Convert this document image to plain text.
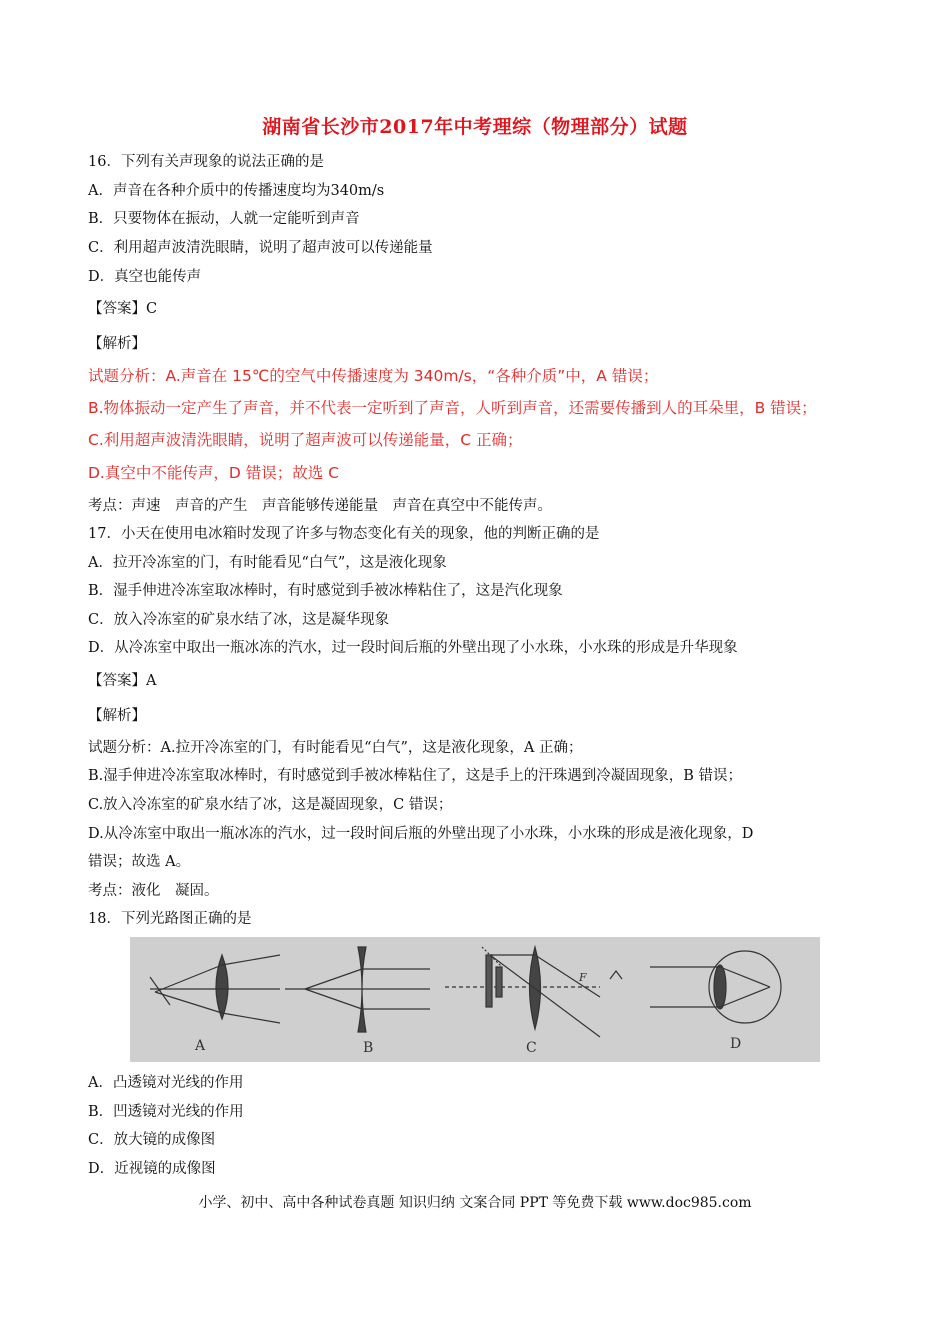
湖南省长沙市2017年中考理综（物理部分）试题
16．下列有关声现象的说法正确的是
A．声音在各种介质中的传播速度均为340m/s
B．只要物体在振动，人就一定能听到声音
C．利用超声波清洗眼睛，说明了超声波可以传递能量
D．真空也能传声
【答案】C
【解析】
试题分析：A.声音在 15℃的空气中传播速度为 340m/s，“各种介质”中，A 错误；
B.物体振动一定产生了声音，并不代表一定听到了声音，人听到声音，还需要传播到人的耳朵里，B 错误；
C.利用超声波清洗眼睛，说明了超声波可以传递能量，C 正确；
D.真空中不能传声，D 错误；故选 C
考点：声速　声音的产生　声音能够传递能量　声音在真空中不能传声。
17．小天在使用电冰箱时发现了许多与物态变化有关的现象，他的判断正确的是
A．拉开冷冻室的门，有时能看见“白气”，这是液化现象
B．湿手伸进冷冻室取冰棒时，有时感觉到手被冰棒粘住了，这是汽化现象
C．放入冷冻室的矿泉水结了冰，这是凝华现象
D．从冷冻室中取出一瓶冰冻的汽水，过一段时间后瓶的外壁出现了小水珠，小水珠的形成是升华现象
【答案】A
【解析】
试题分析：A.拉开冷冻室的门，有时能看见“白气”，这是液化现象，A 正确；
B.湿手伸进冷冻室取冰棒时，有时感觉到手被冰棒粘住了，这是手上的汗珠遇到冷凝固现象，B 错误；
C.放入冷冻室的矿泉水结了冰，这是凝固现象，C 错误；
D.从冷冻室中取出一瓶冰冻的汽水，过一段时间后瓶的外壁出现了小水珠，小水珠的形成是液化现象，D
错误；故选 A。
考点：液化　凝固。
18．下列光路图正确的是
A	B	C	D
F
A．凸透镜对光线的作用
B．凹透镜对光线的作用
C．放大镜的成像图
D．近视镜的成像图
小学、初中、高中各种试卷真题 知识归纳 文案合同 PPT 等免费下载 www.doc985.com
